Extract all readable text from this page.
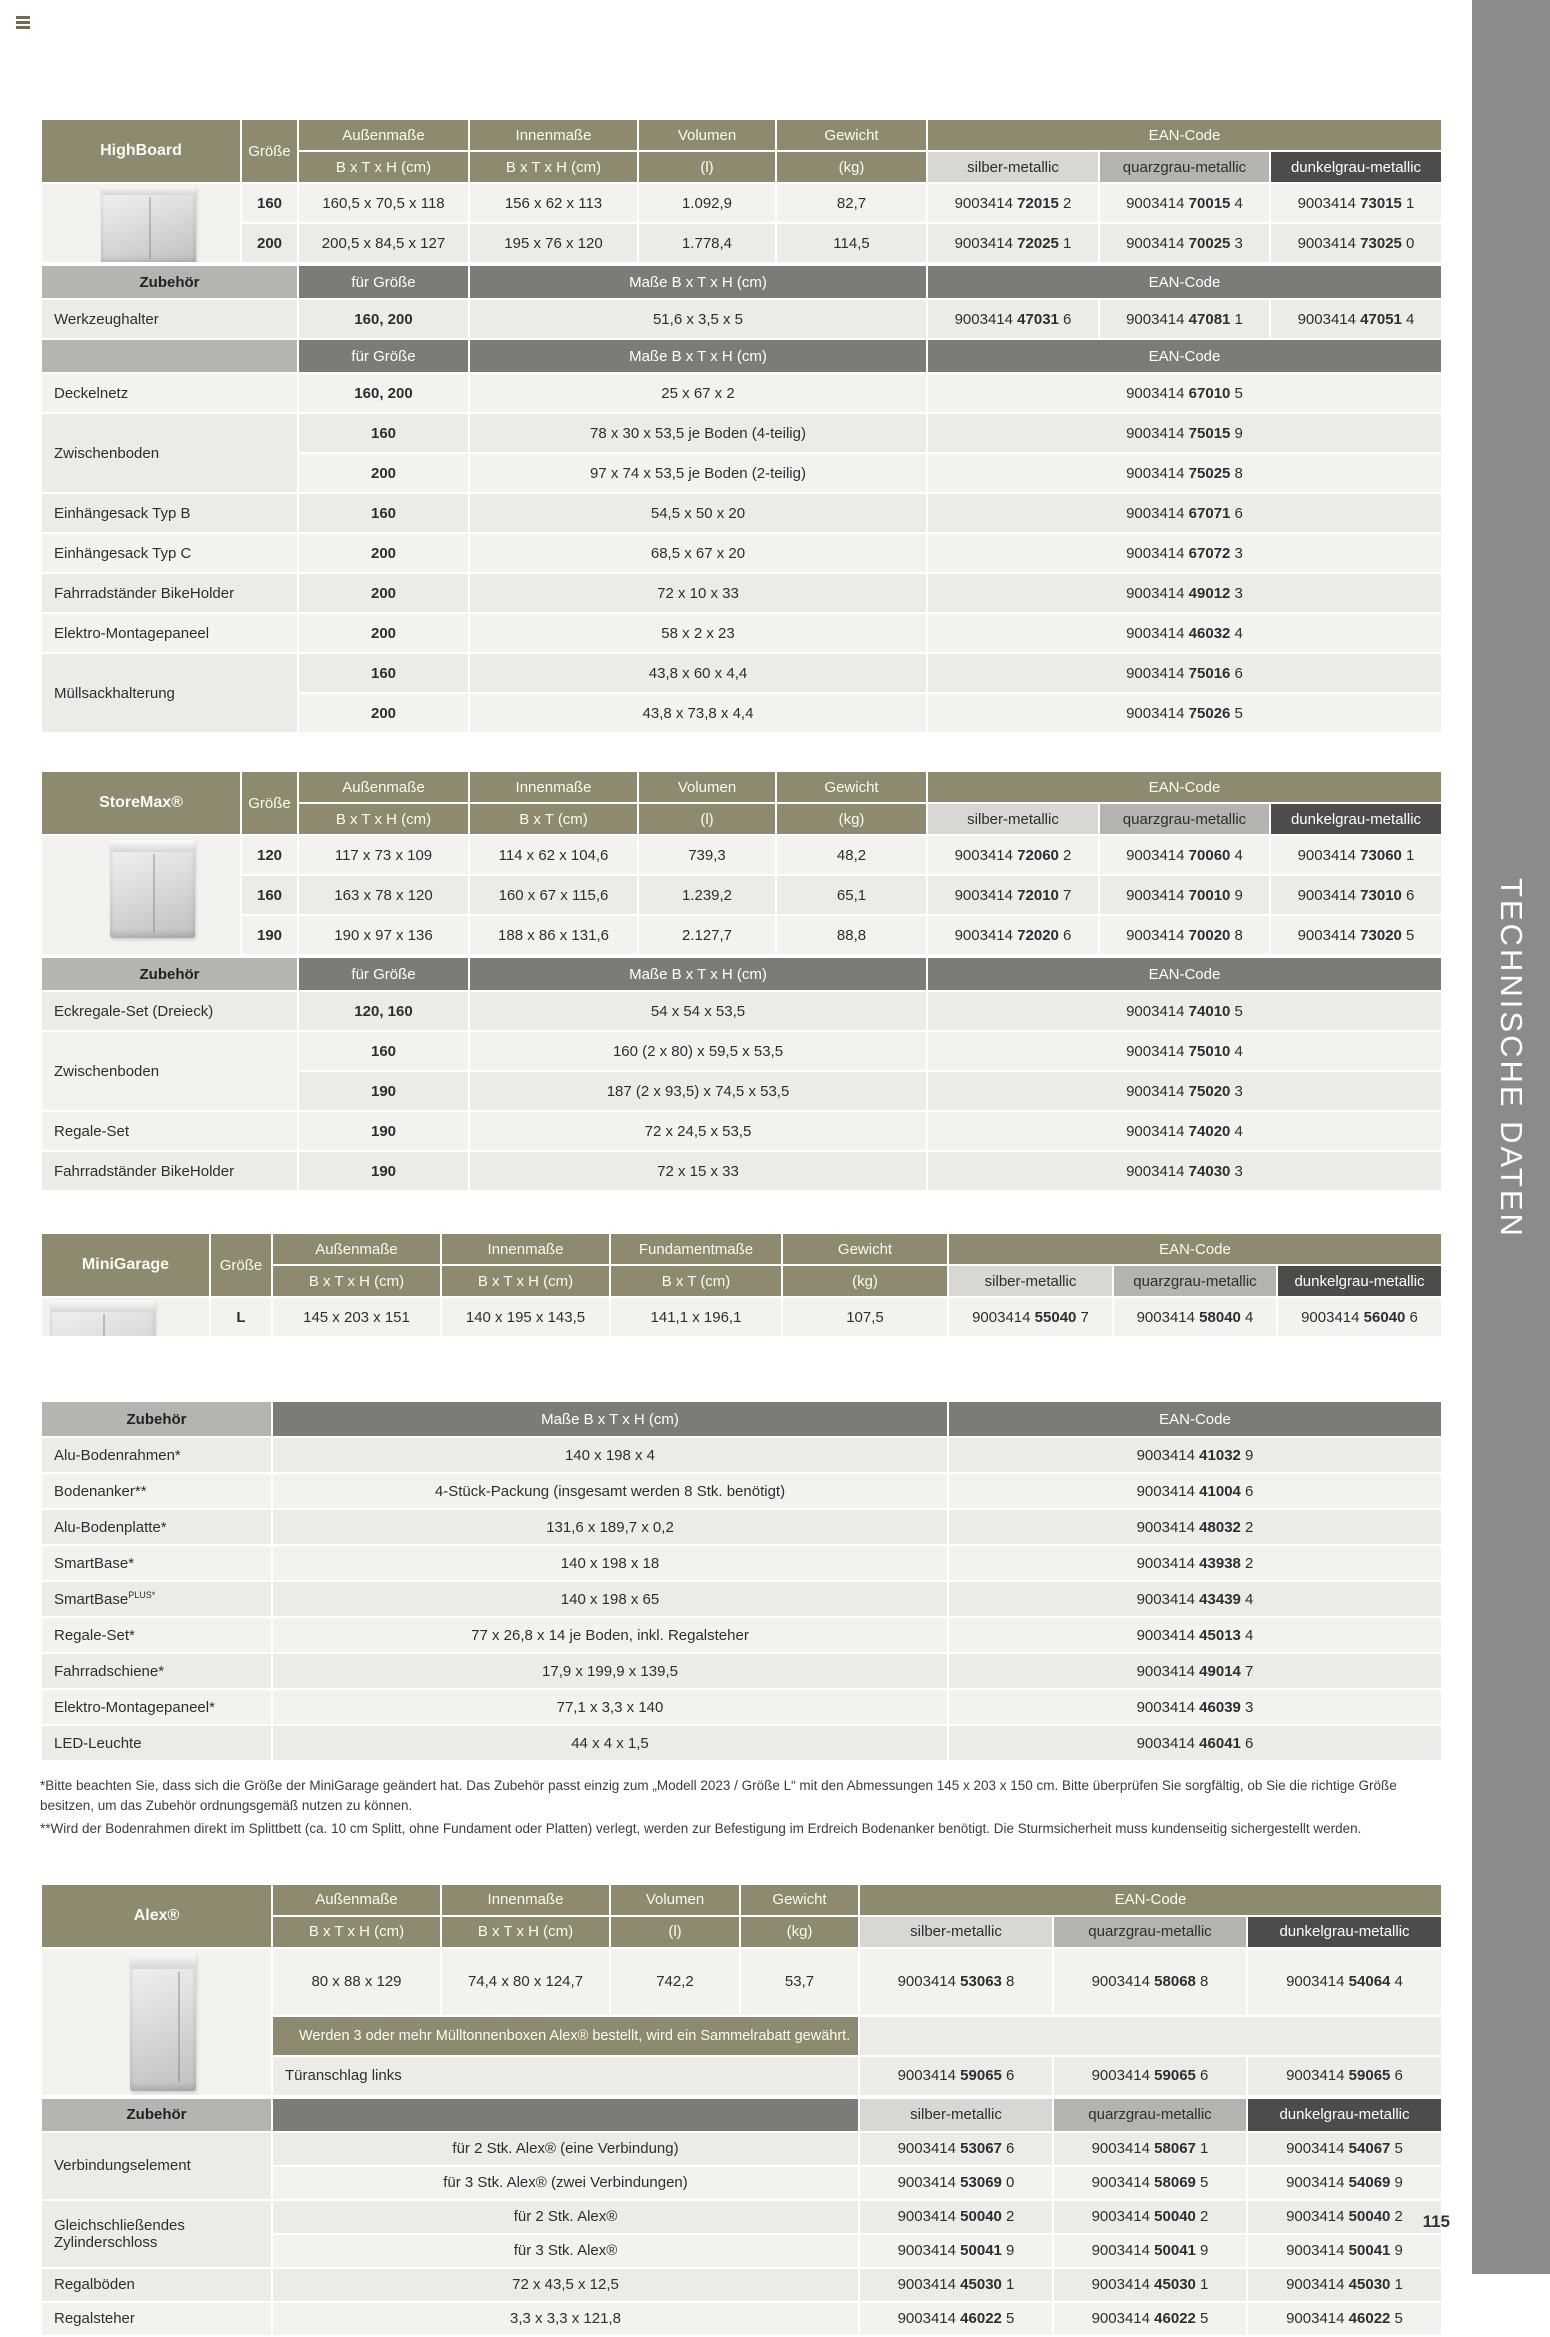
HighBoard	Größe	Außenmaße	Innenmaße	Volumen	Gewicht	EAN-Code		
		B x T x H (cm)	B x T x H (cm)	(l)	(kg)	silber-metallic	quarzgrau-metallic	dunkelgrau-metallic

	160	160,5 x 70,5 x 118	156 x 62 x 113	1.092,9	82,7	9003414 72015 2	9003414 70015 4	9003414 73015 1
	200	200,5 x 84,5 x 127	195 x 76 x 120	1.778,4	114,5	9003414 72025 1	9003414 70025 3	9003414 73025 0
Zubehör	für Größe	Maße B x T x H (cm)	EAN-Code		
Werkzeughalter	160, 200	51,6 x 3,5 x 5	9003414 47031 6	9003414 47081 1	9003414 47051 4
	für Größe	Maße B x T x H (cm)	EAN-Code		
Deckelnetz	160, 200	25 x 67 x 2	9003414 67010 5		
Zwischenboden	160	78 x 30 x 53,5 je Boden (4-teilig)	9003414 75015 9		
	200	97 x 74 x 53,5 je Boden (2-teilig)	9003414 75025 8		
Einhängesack Typ B	160	54,5 x 50 x 20	9003414 67071 6		
Einhängesack Typ C	200	68,5 x 67 x 20	9003414 67072 3		
Fahrradständer BikeHolder	200	72 x 10 x 33	9003414 49012 3		
Elektro-Montagepaneel	200	58 x 2 x 23	9003414 46032 4		
Müllsackhalterung	160	43,8 x 60 x 4,4	9003414 75016 6		
	200	43,8 x 73,8 x 4,4	9003414 75026 5		
StoreMax®	Größe	Außenmaße	Innenmaße	Volumen	Gewicht	EAN-Code		
		B x T x H (cm)	B x T (cm)	(l)	(kg)	silber-metallic	quarzgrau-metallic	dunkelgrau-metallic

	120	117 x 73 x 109	114 x 62 x 104,6	739,3	48,2	9003414 72060 2	9003414 70060 4	9003414 73060 1
	160	163 x 78 x 120	160 x 67 x 115,6	1.239,2	65,1	9003414 72010 7	9003414 70010 9	9003414 73010 6
	190	190 x 97 x 136	188 x 86 x 131,6	2.127,7	88,8	9003414 72020 6	9003414 70020 8	9003414 73020 5
Zubehör	für Größe	Maße B x T x H (cm)	EAN-Code
Eckregale-Set (Dreieck)	120, 160	54 x 54 x 53,5	9003414 74010 5
Zwischenboden	160	160 (2 x 80) x 59,5 x 53,5	9003414 75010 4
	190	187 (2 x 93,5) x 74,5 x 53,5	9003414 75020 3
Regale-Set	190	72 x 24,5 x 53,5	9003414 74020 4
Fahrradständer BikeHolder	190	72 x 15 x 33	9003414 74030 3
MiniGarage	Größe	Außenmaße	Innenmaße	Fundamentmaße	Gewicht	EAN-Code		
		B x T x H (cm)	B x T x H (cm)	B x T (cm)	(kg)	silber-metallic	quarzgrau-metallic	dunkelgrau-metallic

	L	145 x 203 x 151	140 x 195 x 143,5	141,1 x 196,1	107,5	9003414 55040 7	9003414 58040 4	9003414 56040 6
Zubehör	Maße B x T x H (cm)	EAN-Code
Alu-Bodenrahmen*	140 x 198 x 4	9003414 41032 9
Bodenanker**	4-Stück-Packung (insgesamt werden 8 Stk. benötigt)	9003414 41004 6
Alu-Bodenplatte*	131,6 x 189,7 x 0,2	9003414 48032 2
SmartBase*	140 x 198 x 18	9003414 43938 2
SmartBase$^{PLUS*}$	140 x 198 x 65	9003414 43439 4
Regale-Set*	77 x 26,8 x 14 je Boden, inkl. Regalsteher	9003414 45013 4
Fahrradschiene*	17,9 x 199,9 x 139,5	9003414 49014 7
Elektro-Montagepaneel*	77,1 x 3,3 x 140	9003414 46039 3
LED-Leuchte	44 x 4 x 1,5	9003414 46041 6

*Bitte beachten Sie, dass sich die Größe der MiniGarage geändert hat. Das Zubehör passt einzig zum „Modell 2023 / Größe L“ mit den Abmessungen 145 x 203 x 150 cm. Bitte überprüfen Sie sorgfältig, ob Sie die richtige Größe besitzen, um das Zubehör ordnungsgemäß nutzen zu können.

**Wird der Bodenrahmen direkt im Splittbett (ca. 10 cm Splitt, ohne Fundament oder Platten) verlegt, werden zur Befestigung im Erdreich Bodenanker benötigt. Die Sturmsicherheit muss kundenseitig sichergestellt werden.

Alex®	Außenmaße	Innenmaße	Volumen	Gewicht	EAN-Code		
	B x T x H (cm)	B x T x H (cm)	(l)	(kg)	silber-metallic	quarzgrau-metallic	dunkelgrau-metallic

	80 x 88 x 129	74,4 x 80 x 124,7	742,2	53,7	9003414 53063 8	9003414 58068 8	9003414 54064 4
	Werden 3 oder mehr Mülltonnenboxen Alex® bestellt, wird ein Sammelrabatt gewährt.						
	Türanschlag links				9003414 59065 6	9003414 59065 6	9003414 59065 6
Zubehör		silber-metallic	quarzgrau-metallic	dunkelgrau-metallic
Verbindungselement	für 2 Stk. Alex® (eine Verbindung)	9003414 53067 6	9003414 58067 1	9003414 54067 5
	für 3 Stk. Alex® (zwei Verbindungen)	9003414 53069 0	9003414 58069 5	9003414 54069 9
Gleichschließendes Zylinderschloss	für 2 Stk. Alex®	9003414 50040 2	9003414 50040 2	9003414 50040 2
	für 3 Stk. Alex®	9003414 50041 9	9003414 50041 9	9003414 50041 9
Regalböden	72 x 43,5 x 12,5	9003414 45030 1	9003414 45030 1	9003414 45030 1
Regalsteher	3,3 x 3,3 x 121,8	9003414 46022 5	9003414 46022 5	9003414 46022 5
115
TECHNISCHE DATEN
